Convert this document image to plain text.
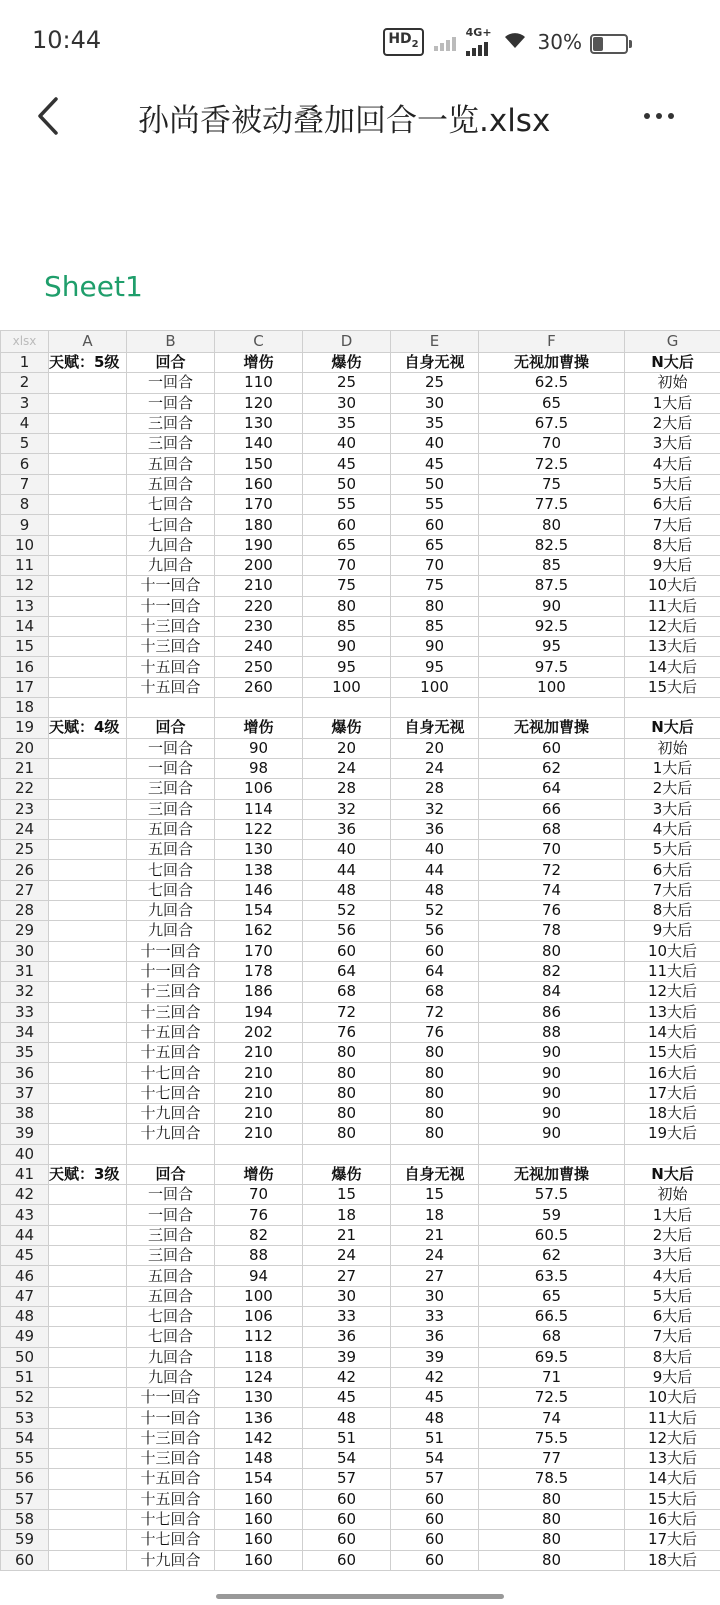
10:44	$HD_2$
4G+ 30%
孙尚香被动叠加回合一览.xlsx
Sheet1
xlsx	A	B	C	D	E	F	G
1	天赋：5级	回合	增伤	爆伤	自身无视	无视加曹操	N大后
2		一回合	110	25	25	62.5	初始
3		一回合	120	30	30	65	1大后
4		三回合	130	35	35	67.5	2大后
5		三回合	140	40	40	70	3大后
6		五回合	150	45	45	72.5	4大后
7		五回合	160	50	50	75	5大后
8		七回合	170	55	55	77.5	6大后
9		七回合	180	60	60	80	7大后
10		九回合	190	65	65	82.5	8大后
11		九回合	200	70	70	85	9大后
12		十一回合	210	75	75	87.5	10大后
13		十一回合	220	80	80	90	11大后
14		十三回合	230	85	85	92.5	12大后
15		十三回合	240	90	90	95	13大后
16		十五回合	250	95	95	97.5	14大后
17		十五回合	260	100	100	100	15大后
18							
19	天赋：4级	回合	增伤	爆伤	自身无视	无视加曹操	N大后
20		一回合	90	20	20	60	初始
21		一回合	98	24	24	62	1大后
22		三回合	106	28	28	64	2大后
23		三回合	114	32	32	66	3大后
24		五回合	122	36	36	68	4大后
25		五回合	130	40	40	70	5大后
26		七回合	138	44	44	72	6大后
27		七回合	146	48	48	74	7大后
28		九回合	154	52	52	76	8大后
29		九回合	162	56	56	78	9大后
30		十一回合	170	60	60	80	10大后
31		十一回合	178	64	64	82	11大后
32		十三回合	186	68	68	84	12大后
33		十三回合	194	72	72	86	13大后
34		十五回合	202	76	76	88	14大后
35		十五回合	210	80	80	90	15大后
36		十七回合	210	80	80	90	16大后
37		十七回合	210	80	80	90	17大后
38		十九回合	210	80	80	90	18大后
39		十九回合	210	80	80	90	19大后
40							
41	天赋：3级	回合	增伤	爆伤	自身无视	无视加曹操	N大后
42		一回合	70	15	15	57.5	初始
43		一回合	76	18	18	59	1大后
44		三回合	82	21	21	60.5	2大后
45		三回合	88	24	24	62	3大后
46		五回合	94	27	27	63.5	4大后
47		五回合	100	30	30	65	5大后
48		七回合	106	33	33	66.5	6大后
49		七回合	112	36	36	68	7大后
50		九回合	118	39	39	69.5	8大后
51		九回合	124	42	42	71	9大后
52		十一回合	130	45	45	72.5	10大后
53		十一回合	136	48	48	74	11大后
54		十三回合	142	51	51	75.5	12大后
55		十三回合	148	54	54	77	13大后
56		十五回合	154	57	57	78.5	14大后
57		十五回合	160	60	60	80	15大后
58		十七回合	160	60	60	80	16大后
59		十七回合	160	60	60	80	17大后
60		十九回合	160	60	60	80	18大后
